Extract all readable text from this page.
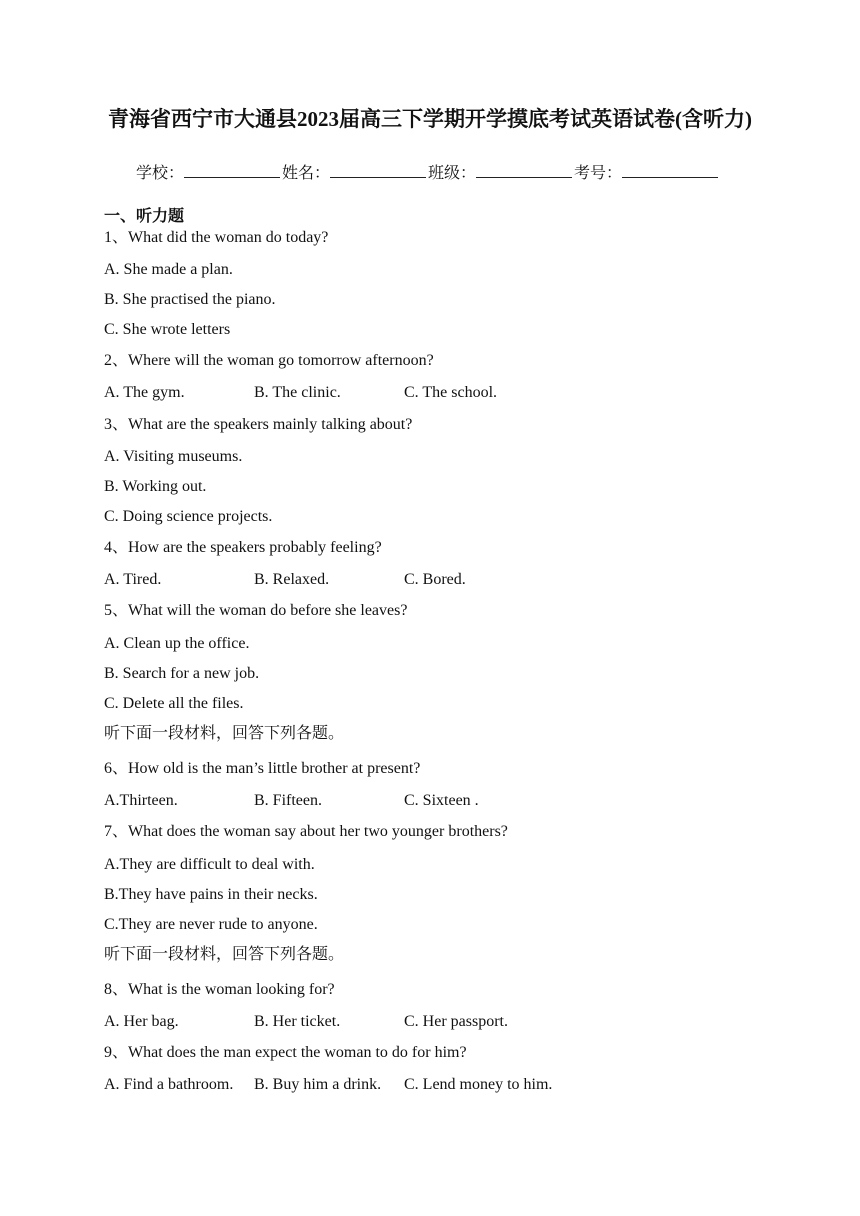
青海省西宁市大通县2023届高三下学期开学摸底考试英语试卷(含听力)
学校：	姓名：	班级：	考号：
一、听力题
1、What did the woman do today?
A. She made a plan.
B. She practised the piano.
C. She wrote letters
2、Where will the woman go tomorrow afternoon?
A. The gym.	B. The clinic.	C. The school.
3、What are the speakers mainly talking about?
A. Visiting museums.
B. Working out.
C. Doing science projects.
4、How are the speakers probably feeling?
A. Tired.	B. Relaxed.	C. Bored.
5、What will the woman do before she leaves?
A. Clean up the office.
B. Search for a new job.
C. Delete all the files.
听下面一段材料，回答下列各题。
6、How old is the man’s little brother at present?
A.Thirteen.	B. Fifteen.	C. Sixteen .
7、What does the woman say about her two younger brothers?
A.They are difficult to deal with.
B.They have pains in their necks.
C.They are never rude to anyone.
听下面一段材料，回答下列各题。
8、What is the woman looking for?
A. Her bag.	B. Her ticket.	C. Her passport.
9、What does the man expect the woman to do for him?
A. Find a bathroom. B. Buy him a drink. C. Lend money to him.
